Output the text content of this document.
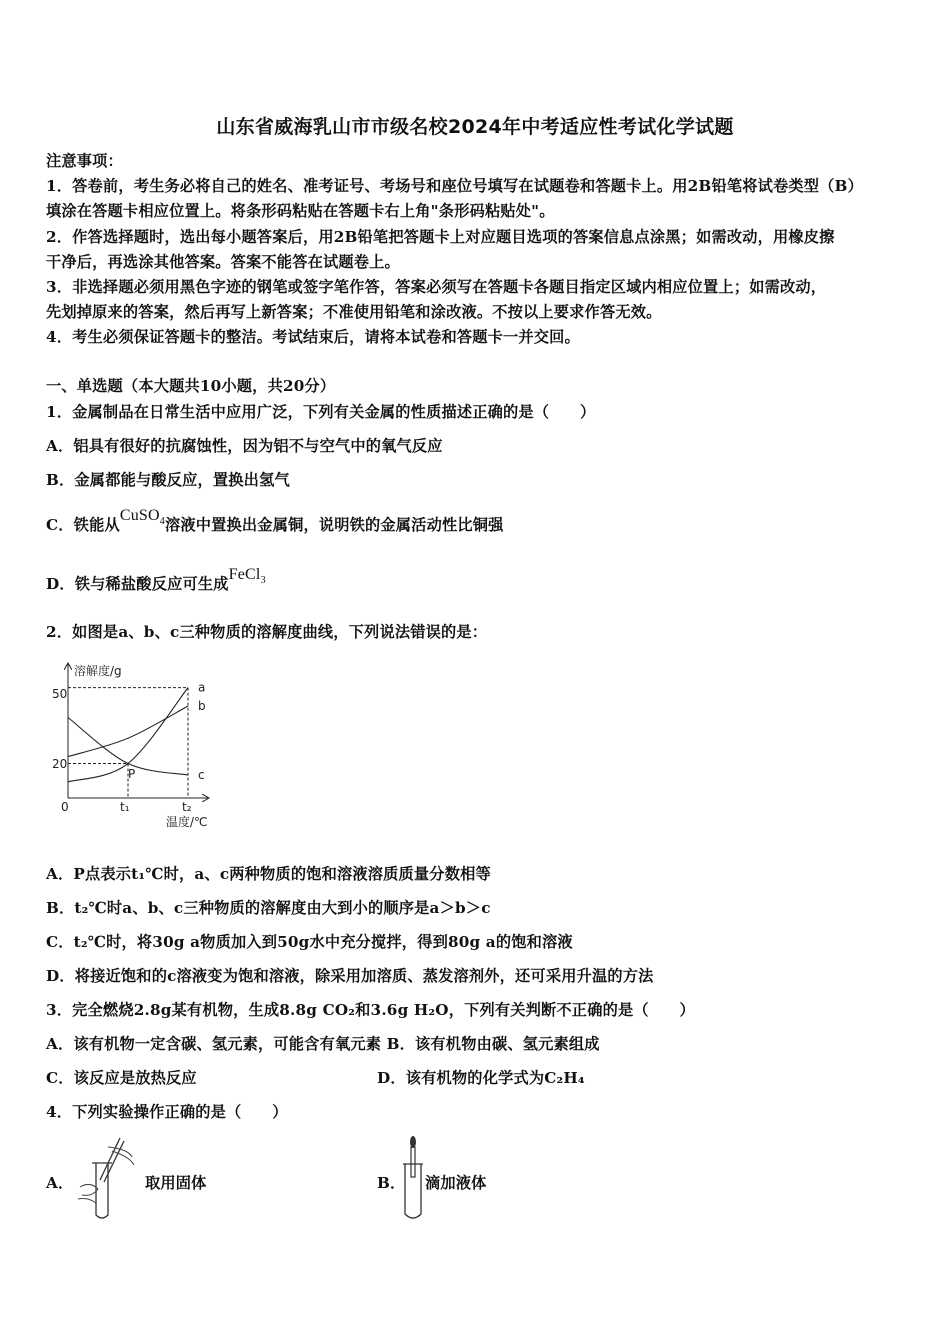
山东省威海乳山市市级名校2024年中考适应性考试化学试题
注意事项：
1．答卷前，考生务必将自己的姓名、准考证号、考场号和座位号填写在试题卷和答题卡上。用2B铅笔将试卷类型（B）
填涂在答题卡相应位置上。将条形码粘贴在答题卡右上角"条形码粘贴处"。
2．作答选择题时，选出每小题答案后，用2B铅笔把答题卡上对应题目选项的答案信息点涂黑；如需改动，用橡皮擦
干净后，再选涂其他答案。答案不能答在试题卷上。
3．非选择题必须用黑色字迹的钢笔或签字笔作答，答案必须写在答题卡各题目指定区域内相应位置上；如需改动，
先划掉原来的答案，然后再写上新答案；不准使用铅笔和涂改液。不按以上要求作答无效。
4．考生必须保证答题卡的整洁。考试结束后，请将本试卷和答题卡一并交回。
一、单选题（本大题共10小题，共20分）
1．金属制品在日常生活中应用广泛，下列有关金属的性质描述正确的是（　　）
A．铝具有很好的抗腐蚀性，因为铝不与空气中的氧气反应
B．金属都能与酸反应，置换出氢气
C．铁能从CuSO$_4$溶液中置换出金属铜，说明铁的金属活动性比铜强
D．铁与稀盐酸反应可生成FeCl$_3$
2．如图是a、b、c三种物质的溶解度曲线，下列说法错误的是：
溶解度/g
温度/℃
50
20
0	t₁	t₂
P
a
b
c
A．P点表示t₁℃时，a、c两种物质的饱和溶液溶质质量分数相等
B．t₂℃时a、b、c三种物质的溶解度由大到小的顺序是a＞b＞c
C．t₂℃时，将30g a物质加入到50g水中充分搅拌，得到80g a的饱和溶液
D．将接近饱和的c溶液变为饱和溶液，除采用加溶质、蒸发溶剂外，还可采用升温的方法
3．完全燃烧2.8g某有机物，生成8.8g CO₂和3.6g H₂O，下列有关判断不正确的是（　　）
A．该有机物一定含碳、氢元素，可能含有氧元素 B．该有机物由碳、氢元素组成
C．该反应是放热反应	D．该有机物的化学式为C₂H₄
4．下列实验操作正确的是（　　）
A．	取用固体	B． 滴加液体
